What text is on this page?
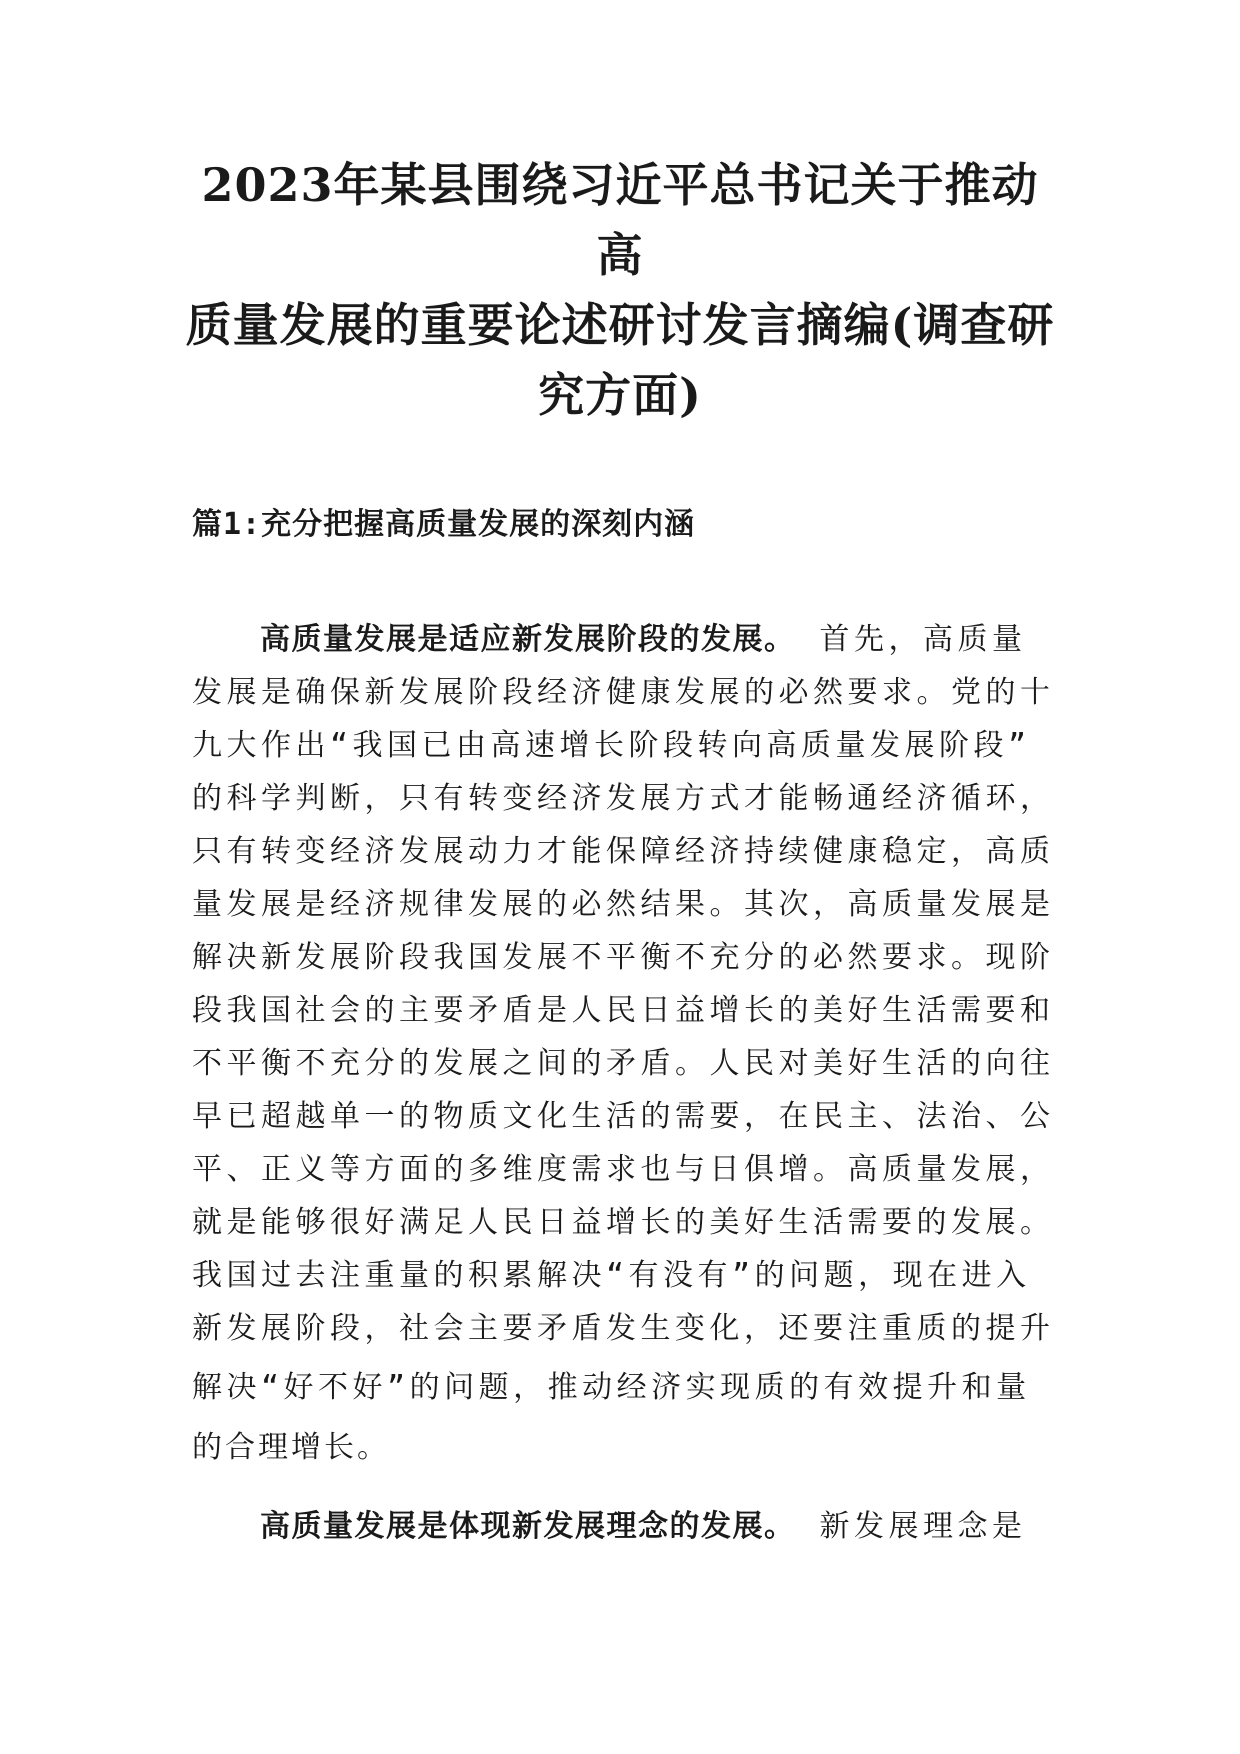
2023年某县围绕习近平总书记关于推动高
质量发展的重要论述研讨发言摘编(调查研
究方面)
篇1:充分把握高质量发展的深刻内涵
高质量发展是适应新发展阶段的发展。 首先，高质量
发展是确保新发展阶段经济健康发展的必然要求。党的十
九大作出“我国已由高速增长阶段转向高质量发展阶段”
的科学判断，只有转变经济发展方式才能畅通经济循环，
只有转变经济发展动力才能保障经济持续健康稳定，高质
量发展是经济规律发展的必然结果。其次，高质量发展是
解决新发展阶段我国发展不平衡不充分的必然要求。现阶
段我国社会的主要矛盾是人民日益增长的美好生活需要和
不平衡不充分的发展之间的矛盾。人民对美好生活的向往
早已超越单一的物质文化生活的需要，在民主、法治、公
平、正义等方面的多维度需求也与日俱增。高质量发展，
就是能够很好满足人民日益增长的美好生活需要的发展。
我国过去注重量的积累解决“有没有”的问题，现在进入
新发展阶段，社会主要矛盾发生变化，还要注重质的提升
解决“好不好”的问题，推动经济实现质的有效提升和量
的合理增长。
高质量发展是体现新发展理念的发展。 新发展理念是
